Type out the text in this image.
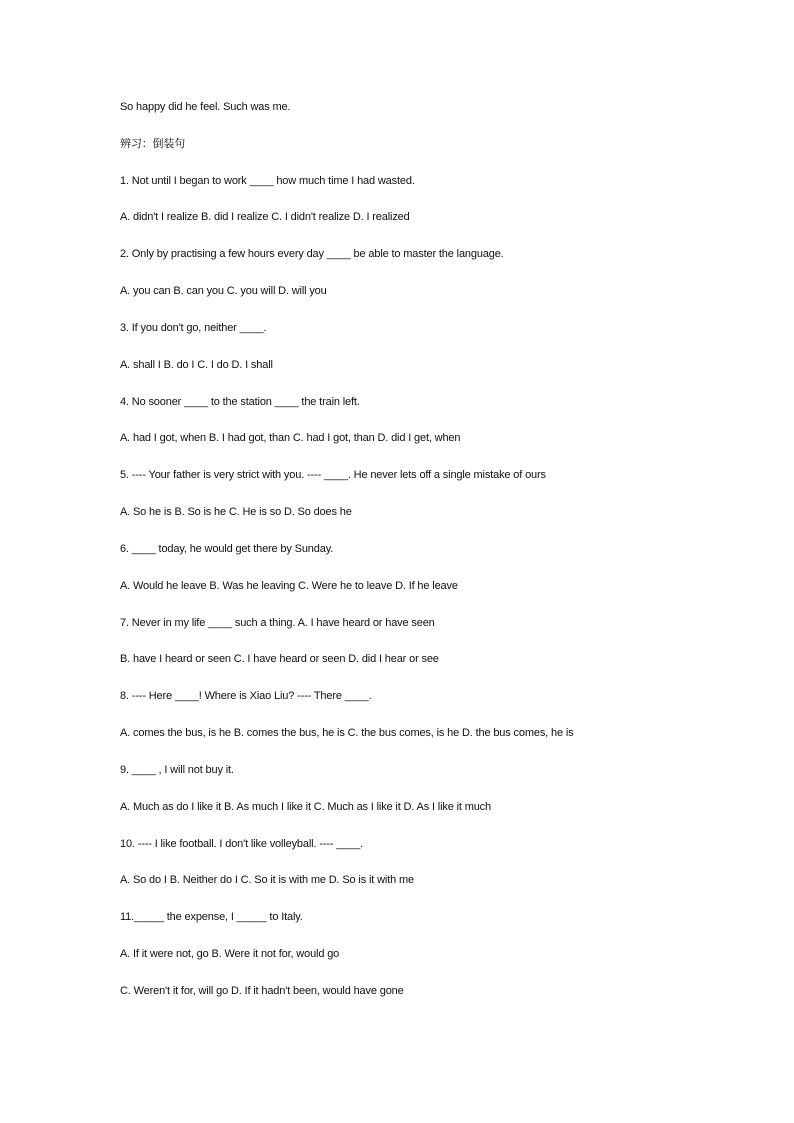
So happy did he feel. Such was me.
辨习：倒装句
1. Not until I began to work ____ how much time I had wasted.
A. didn't I realize B. did I realize C. I didn't realize D. I realized
2. Only by practising a few hours every day ____ be able to master the language.
A. you can B. can you C. you will D. will you
3. If you don't go, neither ____.
A. shall I B. do I C. I do D. I shall
4. No sooner ____ to the station ____ the train left.
A. had I got, when B. I had got, than C. had I got, than D. did I get, when
5. ---- Your father is very strict with you. ---- ____. He never lets off a single mistake of ours
A. So he is B. So is he C. He is so D. So does he
6. ____ today, he would get there by Sunday.
A. Would he leave B. Was he leaving C. Were he to leave D. If he leave
7. Never in my life ____ such a thing. A. I have heard or have seen
B. have I heard or seen C. I have heard or seen D. did I hear or see
8. ---- Here ____! Where is Xiao Liu? ---- There ____.
A. comes the bus, is he B. comes the bus, he is C. the bus comes, is he D. the bus comes, he is
9. ____ , I will not buy it.
A. Much as do I like it B. As much I like it C. Much as I like it D. As I like it much
10. ---- I like football. I don't like volleyball. ---- ____.
A. So do I B. Neither do I C. So it is with me D. So is it with me
11._____ the expense, I _____ to Italy.
A. If it were not, go B. Were it not for, would go
C. Weren't it for, will go D. If it hadn't been, would have gone
